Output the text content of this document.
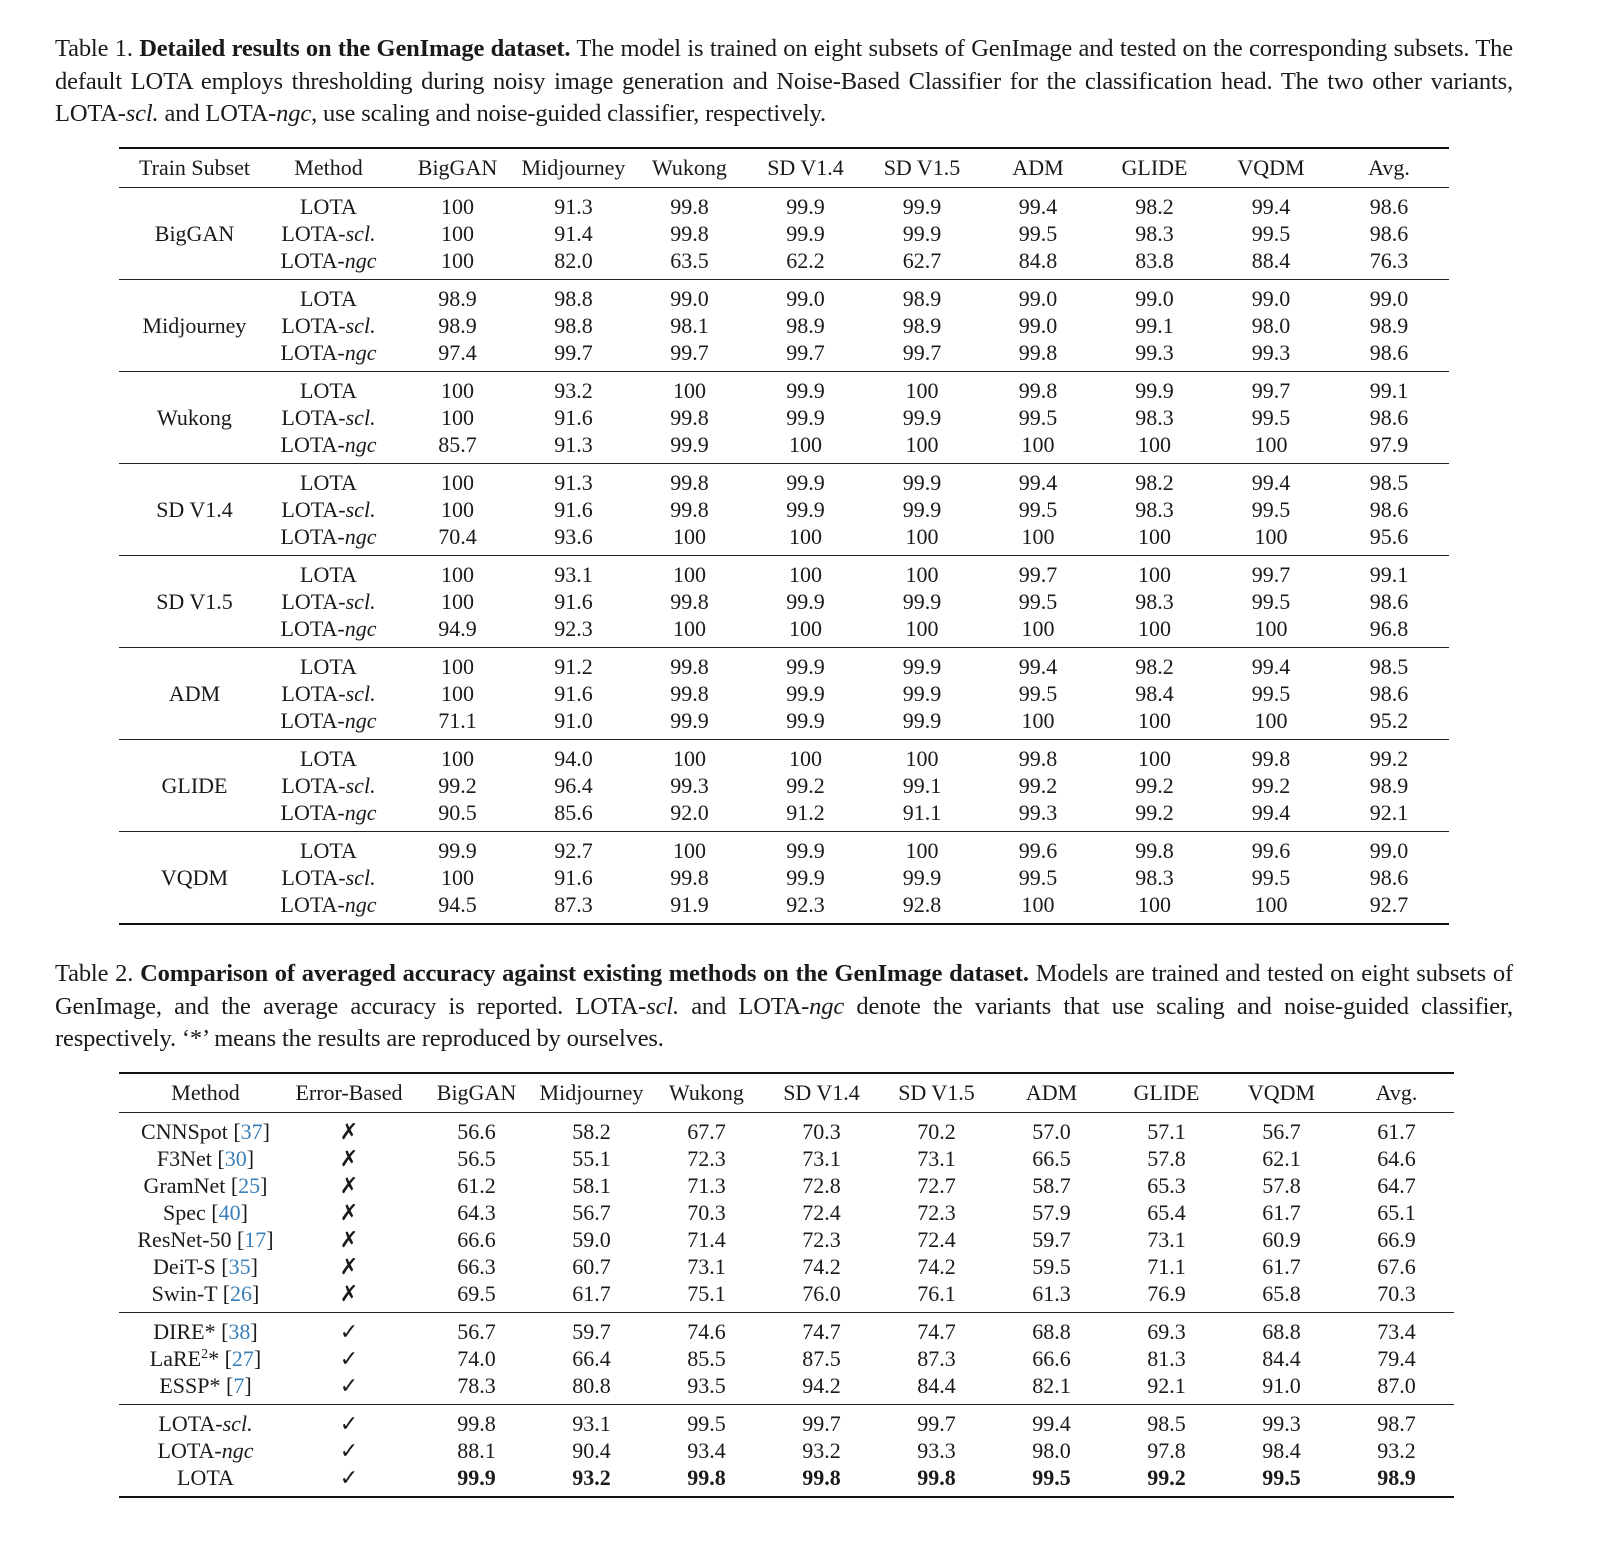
Table 1. Detailed results on the GenImage dataset. The model is trained on eight subsets of GenImage and tested on the corresponding subsets. The default LOTA employs thresholding during noisy image generation and Noise-Based Classifier for the classification head. The two other variants, LOTA-scl. and LOTA-ngc, use scaling and noise-guided classifier, respectively.
Train Subset	Method	BigGAN	Midjourney	Wukong	SD V1.4	SD V1.5	ADM	GLIDE	VQDM	Avg.
	LOTA	100	91.3	99.8	99.9	99.9	99.4	98.2	99.4	98.6
BigGAN	LOTA-scl.	100	91.4	99.8	99.9	99.9	99.5	98.3	99.5	98.6
	LOTA-ngc	100	82.0	63.5	62.2	62.7	84.8	83.8	88.4	76.3
	LOTA	98.9	98.8	99.0	99.0	98.9	99.0	99.0	99.0	99.0
Midjourney	LOTA-scl.	98.9	98.8	98.1	98.9	98.9	99.0	99.1	98.0	98.9
	LOTA-ngc	97.4	99.7	99.7	99.7	99.7	99.8	99.3	99.3	98.6
	LOTA	100	93.2	100	99.9	100	99.8	99.9	99.7	99.1
Wukong	LOTA-scl.	100	91.6	99.8	99.9	99.9	99.5	98.3	99.5	98.6
	LOTA-ngc	85.7	91.3	99.9	100	100	100	100	100	97.9
	LOTA	100	91.3	99.8	99.9	99.9	99.4	98.2	99.4	98.5
SD V1.4	LOTA-scl.	100	91.6	99.8	99.9	99.9	99.5	98.3	99.5	98.6
	LOTA-ngc	70.4	93.6	100	100	100	100	100	100	95.6
	LOTA	100	93.1	100	100	100	99.7	100	99.7	99.1
SD V1.5	LOTA-scl.	100	91.6	99.8	99.9	99.9	99.5	98.3	99.5	98.6
	LOTA-ngc	94.9	92.3	100	100	100	100	100	100	96.8
	LOTA	100	91.2	99.8	99.9	99.9	99.4	98.2	99.4	98.5
ADM	LOTA-scl.	100	91.6	99.8	99.9	99.9	99.5	98.4	99.5	98.6
	LOTA-ngc	71.1	91.0	99.9	99.9	99.9	100	100	100	95.2
	LOTA	100	94.0	100	100	100	99.8	100	99.8	99.2
GLIDE	LOTA-scl.	99.2	96.4	99.3	99.2	99.1	99.2	99.2	99.2	98.9
	LOTA-ngc	90.5	85.6	92.0	91.2	91.1	99.3	99.2	99.4	92.1
	LOTA	99.9	92.7	100	99.9	100	99.6	99.8	99.6	99.0
VQDM	LOTA-scl.	100	91.6	99.8	99.9	99.9	99.5	98.3	99.5	98.6
	LOTA-ngc	94.5	87.3	91.9	92.3	92.8	100	100	100	92.7
Table 2. Comparison of averaged accuracy against existing methods on the GenImage dataset. Models are trained and tested on eight subsets of GenImage, and the average accuracy is reported. LOTA-scl. and LOTA-ngc denote the variants that use scaling and noise-guided classifier, respectively. ‘*’ means the results are reproduced by ourselves.
Method	Error-Based	BigGAN	Midjourney	Wukong	SD V1.4	SD V1.5	ADM	GLIDE	VQDM	Avg.
CNNSpot [37]	✗	56.6	58.2	67.7	70.3	70.2	57.0	57.1	56.7	61.7
F3Net [30]	✗	56.5	55.1	72.3	73.1	73.1	66.5	57.8	62.1	64.6
GramNet [25]	✗	61.2	58.1	71.3	72.8	72.7	58.7	65.3	57.8	64.7
Spec [40]	✗	64.3	56.7	70.3	72.4	72.3	57.9	65.4	61.7	65.1
ResNet-50 [17]	✗	66.6	59.0	71.4	72.3	72.4	59.7	73.1	60.9	66.9
DeiT-S [35]	✗	66.3	60.7	73.1	74.2	74.2	59.5	71.1	61.7	67.6
Swin-T [26]	✗	69.5	61.7	75.1	76.0	76.1	61.3	76.9	65.8	70.3
DIRE* [38]	✓	56.7	59.7	74.6	74.7	74.7	68.8	69.3	68.8	73.4
LaRE$^2$* [27]	✓	74.0	66.4	85.5	87.5	87.3	66.6	81.3	84.4	79.4
ESSP* [7]	✓	78.3	80.8	93.5	94.2	84.4	82.1	92.1	91.0	87.0
LOTA-scl.	✓	99.8	93.1	99.5	99.7	99.7	99.4	98.5	99.3	98.7
LOTA-ngc	✓	88.1	90.4	93.4	93.2	93.3	98.0	97.8	98.4	93.2
LOTA	✓	99.9	93.2	99.8	99.8	99.8	99.5	99.2	99.5	98.9
